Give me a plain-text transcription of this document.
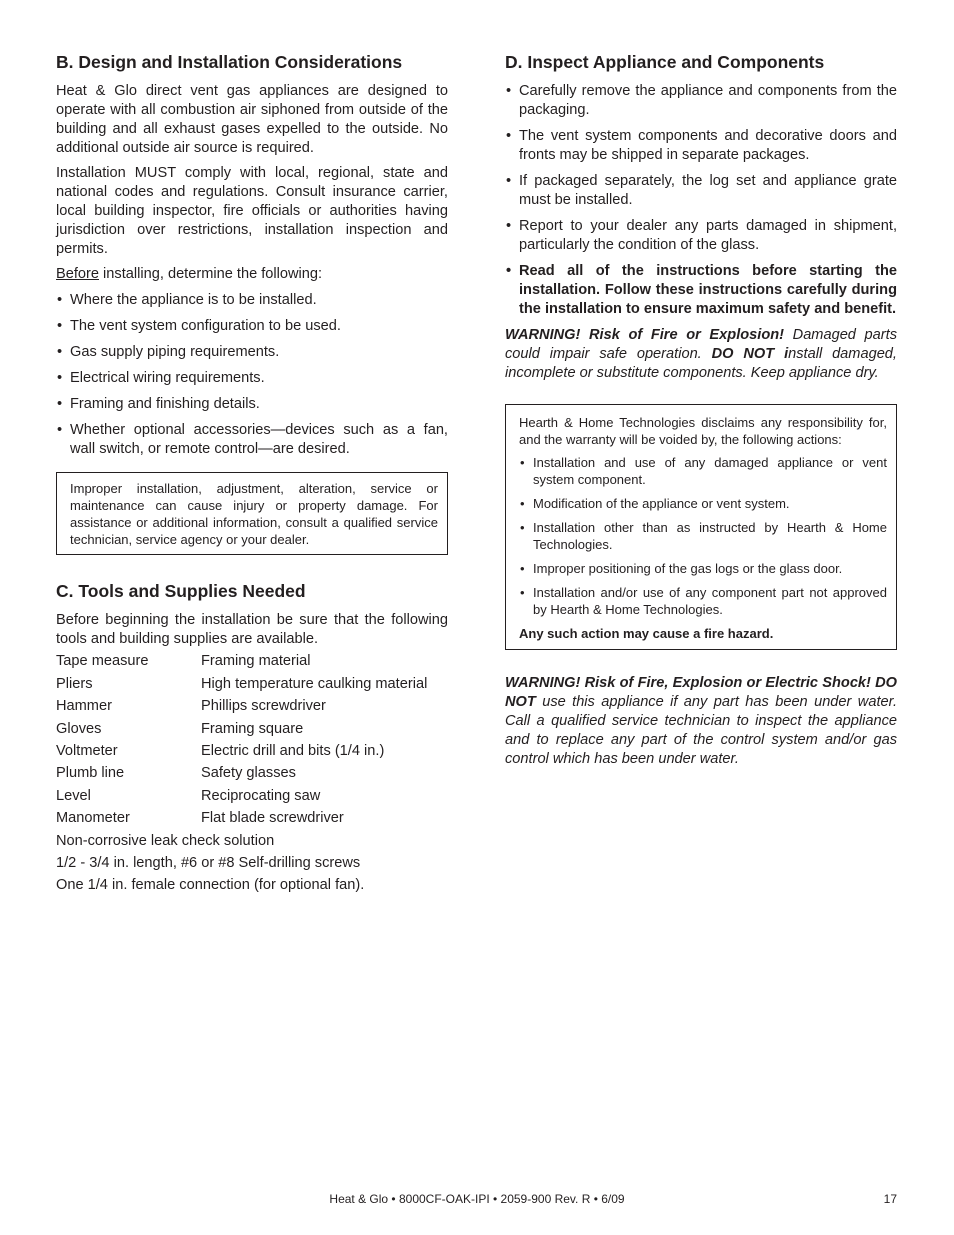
B. Design and Installation Considerations

Heat & Glo direct vent gas appliances are designed to operate with all combustion air siphoned from outside of the building and all exhaust gases expelled to the outside. No additional outside air source is required.

Installation MUST comply with local, regional, state and national codes and regulations. Consult insurance carrier, local building inspector, fire officials or authorities having jurisdiction over restrictions, installation inspection and permits.

Before installing, determine the following:

• Where the appliance is to be installed.
• The vent system configuration to be used.
• Gas supply piping requirements.
• Electrical wiring requirements.
• Framing and finishing details.
• Whether optional accessories—devices such as a fan, wall switch, or remote control—are desired.

Improper installation, adjustment, alteration, service or maintenance can cause injury or property damage. For assistance or additional information, consult a qualified service technician, service agency or your dealer.

C. Tools and Supplies Needed

Before beginning the installation be sure that the following tools and building supplies are available.

Tape measure	Framing material
Pliers	High temperature caulking material
Hammer	Phillips screwdriver
Gloves	Framing square
Voltmeter	Electric drill and bits (1/4 in.)
Plumb line	Safety glasses
Level	Reciprocating saw
Manometer	Flat blade screwdriver
Non-corrosive leak check solution
1/2 - 3/4 in. length, #6 or #8 Self-drilling screws
One 1/4 in. female connection (for optional fan).
D. Inspect Appliance and Components
• Carefully remove the appliance and components from the packaging.
• The vent system components and decorative doors and fronts may be shipped in separate packages.
• If packaged separately, the log set and appliance grate must be installed.
• Report to your dealer any parts damaged in shipment, particularly the condition of the glass.
• Read all of the instructions before starting the installation. Follow these instructions carefully during the installation to ensure maximum safety and benefit.

WARNING! Risk of Fire or Explosion! Damaged parts could impair safe operation. DO NOT install damaged, incomplete or substitute components. Keep appliance dry.

Hearth & Home Technologies disclaims any responsibility for, and the warranty will be voided by, the following actions:

• Installation and use of any damaged appliance or vent system component.
• Modification of the appliance or vent system.
• Installation other than as instructed by Hearth & Home Technologies.
• Improper positioning of the gas logs or the glass door.
• Installation and/or use of any component part not approved by Hearth & Home Technologies.

Any such action may cause a fire hazard.

WARNING! Risk of Fire, Explosion or Electric Shock! DO NOT use this appliance if any part has been under water. Call a qualified service technician to inspect the appliance and to replace any part of the control system and/or gas control which has been under water.

Heat & Glo • 8000CF-OAK-IPI • 2059-900 Rev. R • 6/09	17
